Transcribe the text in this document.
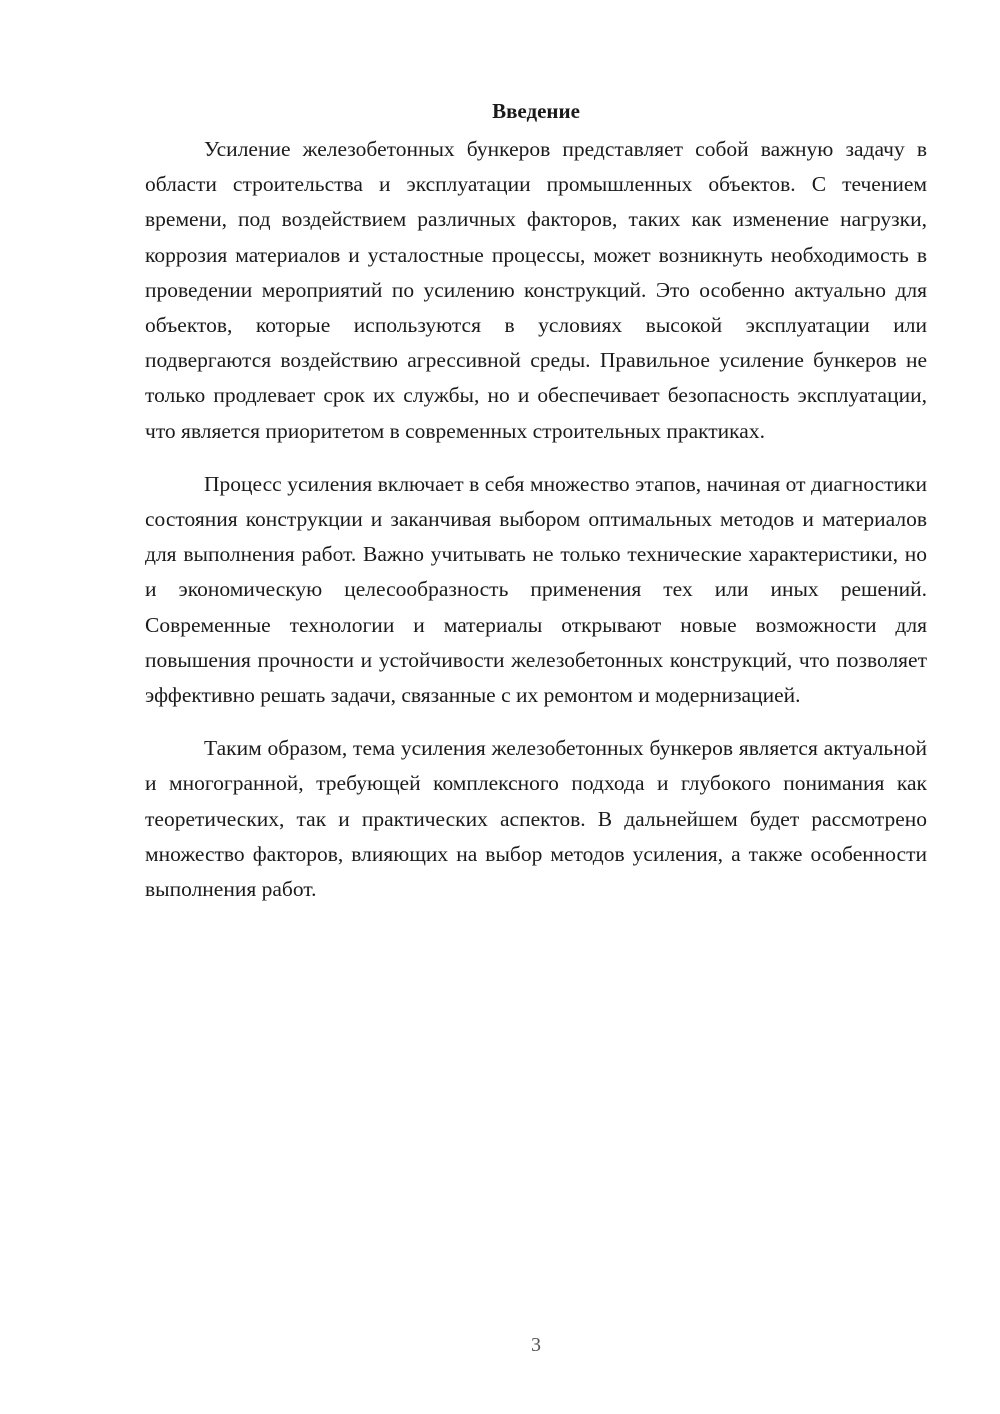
Введение

Усиление железобетонных бункеров представляет собой важную задачу в области строительства и эксплуатации промышленных объектов. С течением времени, под воздействием различных факторов, таких как изменение нагрузки, коррозия материалов и усталостные процессы, может возникнуть необходимость в проведении мероприятий по усилению конструкций. Это особенно актуально для объектов, которые используются в условиях высокой эксплуатации или подвергаются воздействию агрессивной среды. Правильное усиление бункеров не только продлевает срок их службы, но и обеспечивает безопасность эксплуатации, что является приоритетом в современных строительных практиках.

Процесс усиления включает в себя множество этапов, начиная от диагностики состояния конструкции и заканчивая выбором оптимальных методов и материалов для выполнения работ. Важно учитывать не только технические характеристики, но и экономическую целесообразность применения тех или иных решений. Современные технологии и материалы открывают новые возможности для повышения прочности и устойчивости железобетонных конструкций, что позволяет эффективно решать задачи, связанные с их ремонтом и модернизацией.

Таким образом, тема усиления железобетонных бункеров является актуальной и многогранной, требующей комплексного подхода и глубокого понимания как теоретических, так и практических аспектов. В дальнейшем будет рассмотрено множество факторов, влияющих на выбор методов усиления, а также особенности выполнения работ.

3
